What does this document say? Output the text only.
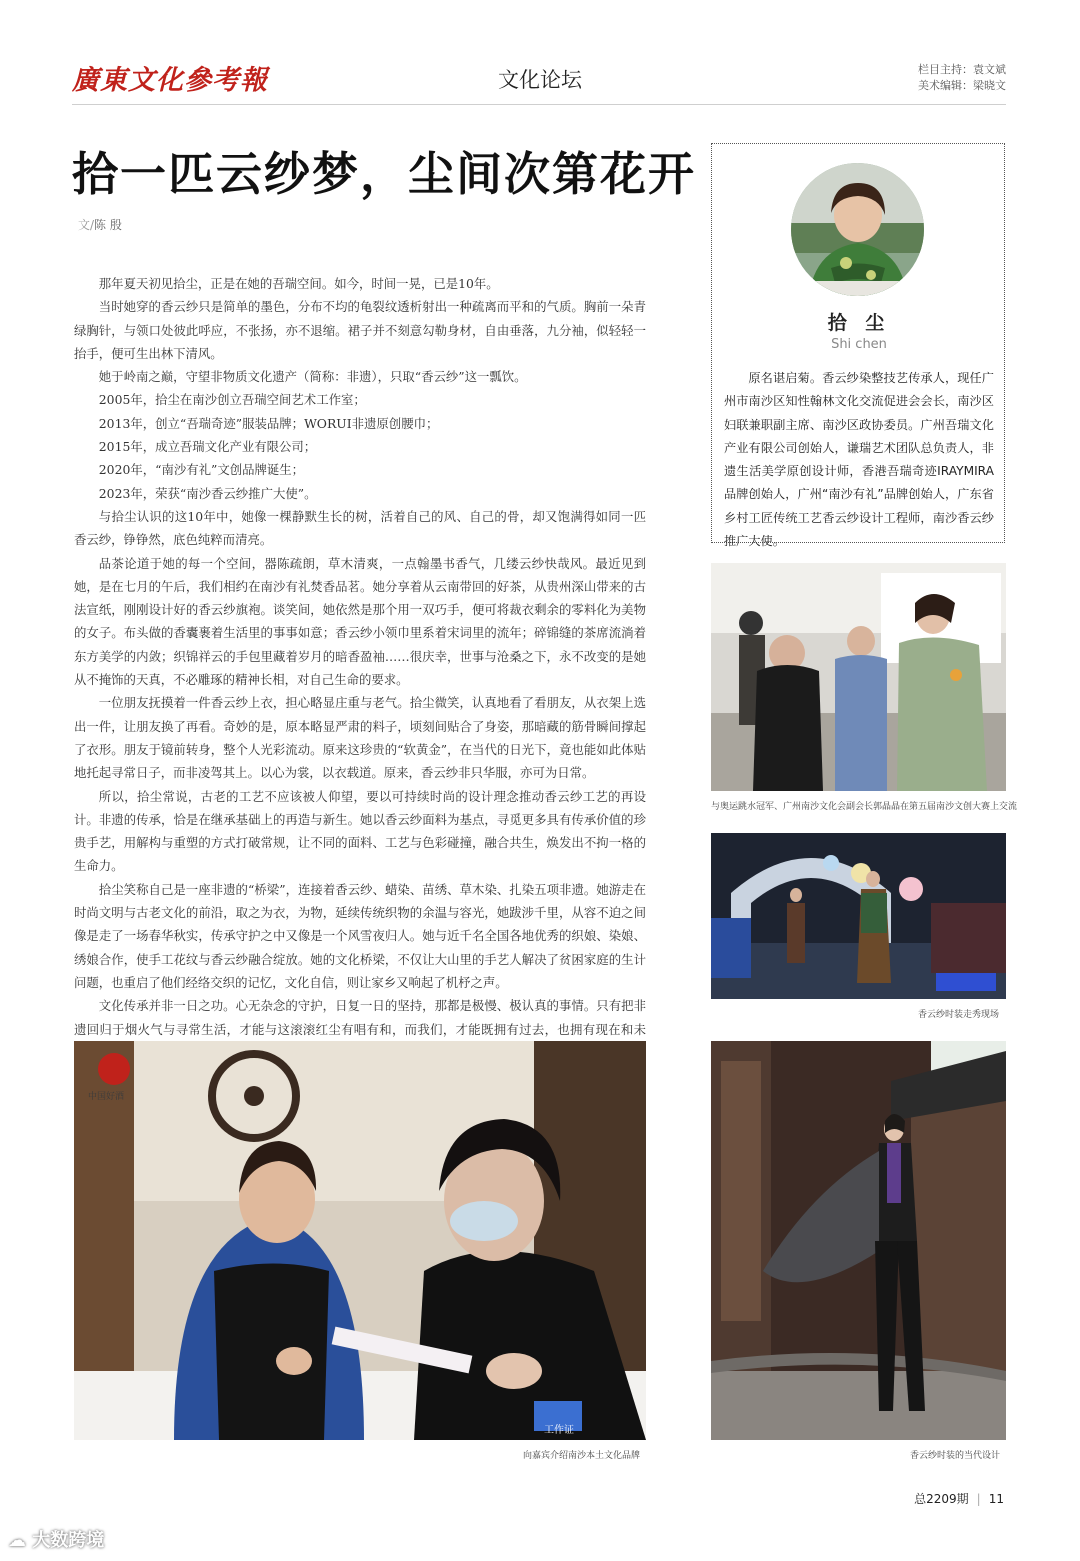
廣東文化參考報	文化论坛	栏目主持：袁文斌
美术编辑：梁晓文
拾一匹云纱梦，尘间次第花开
文/陈 殷

那年夏天初见拾尘，正是在她的吾瑞空间。如今，时间一晃，已是10年。

当时她穿的香云纱只是简单的墨色，分布不均的龟裂纹透析射出一种疏离而平和的气质。胸前一朵青绿胸针，与领口处彼此呼应，不张扬，亦不退缩。裙子并不刻意勾勒身材，自由垂落，九分袖，似轻轻一抬手，便可生出林下清风。

她于岭南之巅，守望非物质文化遗产（简称：非遗），只取“香云纱”这一瓢饮。

2005年，拾尘在南沙创立吾瑞空间艺术工作室；

2013年，创立“吾瑞奇迹”服装品牌；WORUI非遗原创腰巾；

2015年，成立吾瑞文化产业有限公司；

2020年，“南沙有礼”文创品牌诞生；

2023年，荣获“南沙香云纱推广大使”。

与拾尘认识的这10年中，她像一棵静默生长的树，活着自己的风、自己的骨，却又饱满得如同一匹香云纱，铮铮然，底色纯粹而清亮。

品茶论道于她的每一个空间，器陈疏朗，草木清爽，一点翰墨书香气，几缕云纱快哉风。最近见到她，是在七月的午后，我们相约在南沙有礼焚香品茗。她分享着从云南带回的好茶，从贵州深山带来的古法宣纸，刚刚设计好的香云纱旗袍。谈笑间，她依然是那个用一双巧手，便可将裁衣剩余的零料化为美物的女子。布头做的香囊裹着生活里的事事如意；香云纱小领巾里系着宋词里的流年；碎锦缝的茶席流淌着东方美学的内敛；织锦祥云的手包里藏着岁月的暗香盈袖……很庆幸，世事与沧桑之下，永不改变的是她从不掩饰的天真，不必雕琢的精神长相，对自己生命的要求。

一位朋友抚摸着一件香云纱上衣，担心略显庄重与老气。拾尘微笑，认真地看了看朋友，从衣架上选出一件，让朋友换了再看。奇妙的是，原本略显严肃的料子，顷刻间贴合了身姿，那暗藏的筋骨瞬间撑起了衣形。朋友于镜前转身，整个人光彩流动。原来这珍贵的“软黄金”，在当代的日光下，竟也能如此体贴地托起寻常日子，而非凌驾其上。以心为裳，以衣载道。原来，香云纱非只华服，亦可为日常。

所以，拾尘常说，古老的工艺不应该被人仰望，要以可持续时尚的设计理念推动香云纱工艺的再设计。非遗的传承，恰是在继承基础上的再造与新生。她以香云纱面料为基点，寻觅更多具有传承价值的珍贵手艺，用解构与重塑的方式打破常规，让不同的面料、工艺与色彩碰撞，融合共生，焕发出不拘一格的生命力。

拾尘笑称自己是一座非遗的“桥梁”，连接着香云纱、蜡染、苗绣、草木染、扎染五项非遗。她游走在时尚文明与古老文化的前沿，取之为衣，为物，延续传统织物的余温与容光，她跋涉千里，从容不迫之间像是走了一场春华秋实，传承守护之中又像是一个风雪夜归人。她与近千名全国各地优秀的织娘、染娘、绣娘合作，使手工花纹与香云纱融合绽放。她的文化桥梁，不仅让大山里的手艺人解决了贫困家庭的生计问题，也重启了他们经络交织的记忆，文化自信，则让家乡又响起了机杼之声。

文化传承并非一日之功。心无杂念的守护，日复一日的坚持，那都是极慢、极认真的事情。只有把非遗回归于烟火气与寻常生活，才能与这滚滚红尘有唱有和，而我们，才能既拥有过去，也拥有现在和未

拾 尘
Shi chen

原名谌启菊。香云纱染整技艺传承人，现任广州市南沙区知性翰林文化交流促进会会长，南沙区妇联兼职副主席、南沙区政协委员。广州吾瑞文化产业有限公司创始人，谦瑞艺术团队总负责人，非遗生活美学原创设计师，香港吾瑞奇迹IRAYMIRA品牌创始人，广州“南沙有礼”品牌创始人，广东省乡村工匠传统工艺香云纱设计工程师，南沙香云纱推广大使。

与奥运跳水冠军、广州南沙文化会副会长郭晶晶在第五届南沙文创大赛上交流
香云纱时装走秀现场
工作证
中国好酒
向嘉宾介绍南沙本土文化品牌	香云纱时装的当代设计
总2209期 | 11
☁ 大数跨境
